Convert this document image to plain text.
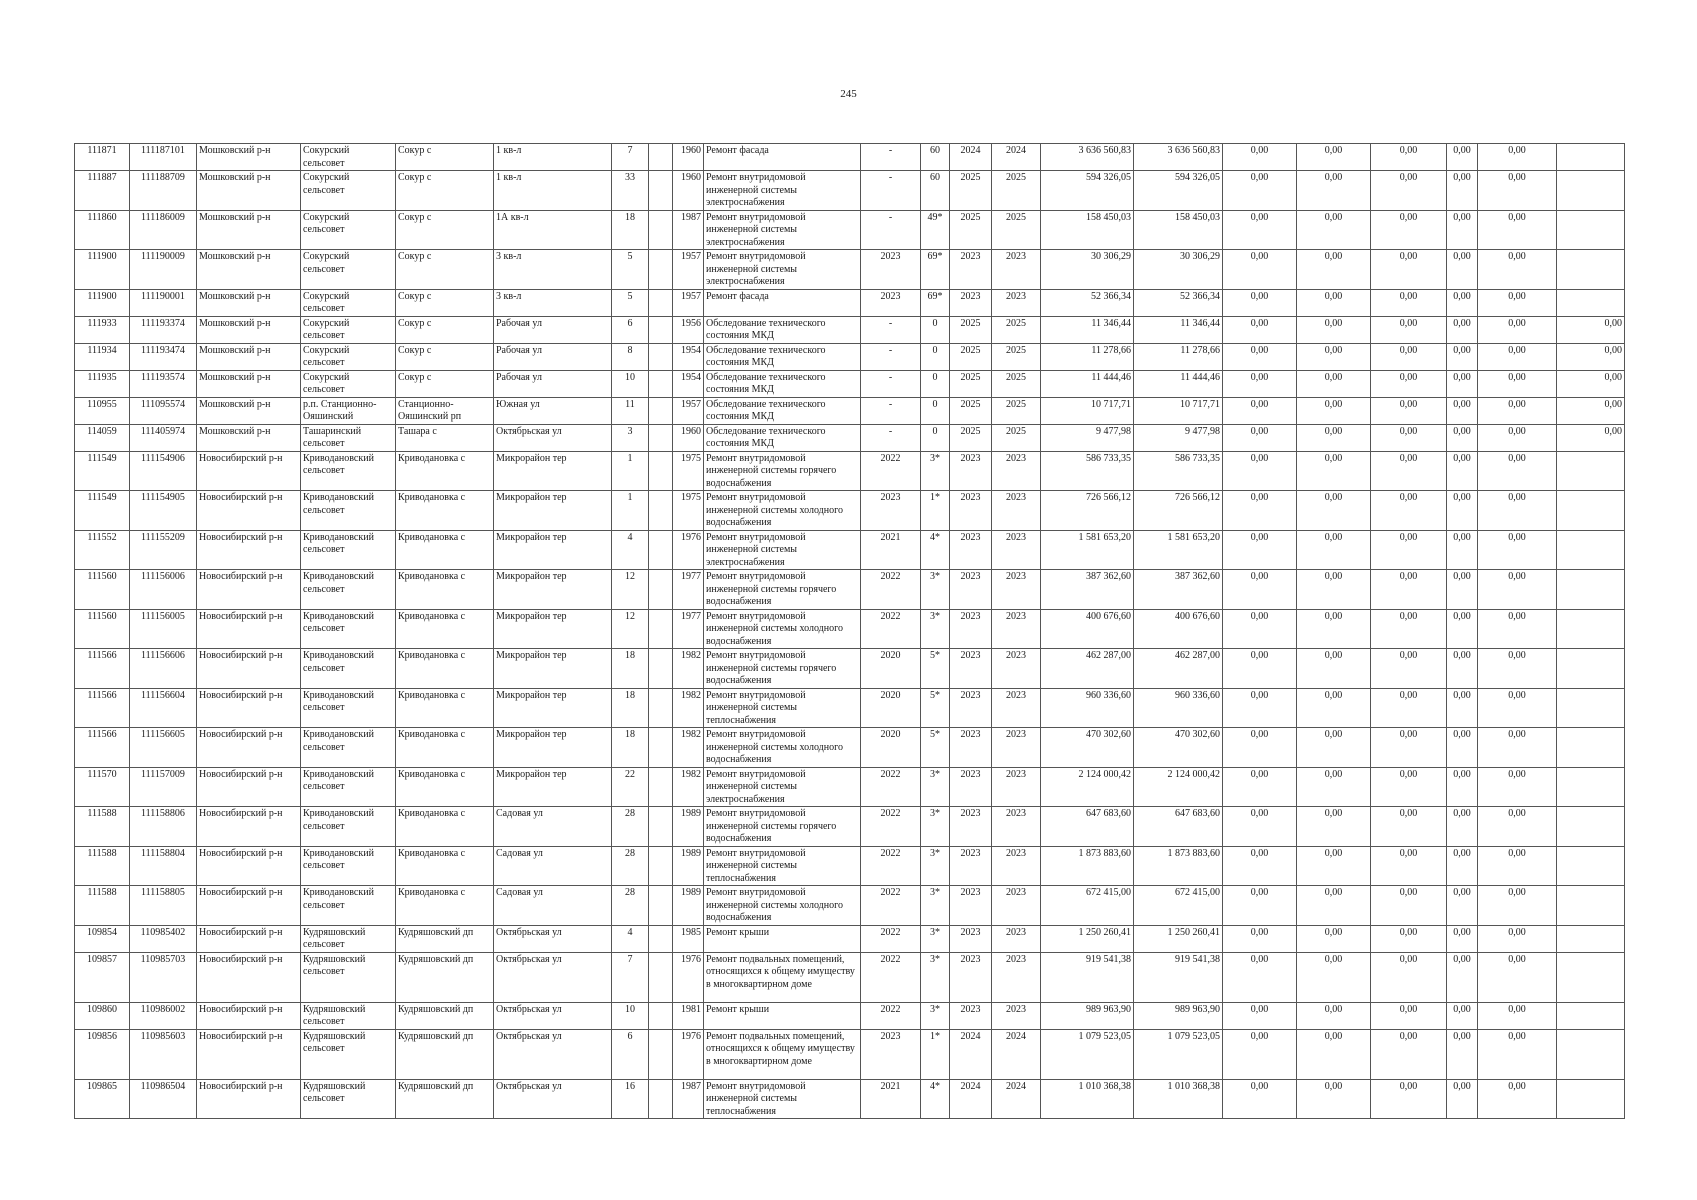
245
111871	111187101	Мошковский р-н	Сокурский сельсовет	Сокур с	1 кв-л	7		1960	Ремонт фасада	-	60	2024	2024	3 636 560,83	3 636 560,83	0,00	0,00	0,00	0,00	0,00	
111887	111188709	Мошковский р-н	Сокурский сельсовет	Сокур с	1 кв-л	33		1960	Ремонт внутридомовой инженерной системы электроснабжения	-	60	2025	2025	594 326,05	594 326,05	0,00	0,00	0,00	0,00	0,00	
111860	111186009	Мошковский р-н	Сокурский сельсовет	Сокур с	1А кв-л	18		1987	Ремонт внутридомовой инженерной системы электроснабжения	-	49*	2025	2025	158 450,03	158 450,03	0,00	0,00	0,00	0,00	0,00	
111900	111190009	Мошковский р-н	Сокурский сельсовет	Сокур с	3 кв-л	5		1957	Ремонт внутридомовой инженерной системы электроснабжения	2023	69*	2023	2023	30 306,29	30 306,29	0,00	0,00	0,00	0,00	0,00	
111900	111190001	Мошковский р-н	Сокурский сельсовет	Сокур с	3 кв-л	5		1957	Ремонт фасада	2023	69*	2023	2023	52 366,34	52 366,34	0,00	0,00	0,00	0,00	0,00	
111933	111193374	Мошковский р-н	Сокурский сельсовет	Сокур с	Рабочая ул	6		1956	Обследование технического состояния МКД	-	0	2025	2025	11 346,44	11 346,44	0,00	0,00	0,00	0,00	0,00	0,00
111934	111193474	Мошковский р-н	Сокурский сельсовет	Сокур с	Рабочая ул	8		1954	Обследование технического состояния МКД	-	0	2025	2025	11 278,66	11 278,66	0,00	0,00	0,00	0,00	0,00	0,00
111935	111193574	Мошковский р-н	Сокурский сельсовет	Сокур с	Рабочая ул	10		1954	Обследование технического состояния МКД	-	0	2025	2025	11 444,46	11 444,46	0,00	0,00	0,00	0,00	0,00	0,00
110955	111095574	Мошковский р-н	р.п. Станционно-Ояшинский	Станционно-Ояшинский рп	Южная ул	11		1957	Обследование технического состояния МКД	-	0	2025	2025	10 717,71	10 717,71	0,00	0,00	0,00	0,00	0,00	0,00
114059	111405974	Мошковский р-н	Ташаринский сельсовет	Ташара с	Октябрьская ул	3		1960	Обследование технического состояния МКД	-	0	2025	2025	9 477,98	9 477,98	0,00	0,00	0,00	0,00	0,00	0,00
111549	111154906	Новосибирский р-н	Криводановский сельсовет	Криводановка с	Микрорайон тер	1		1975	Ремонт внутридомовой инженерной системы горячего водоснабжения	2022	3*	2023	2023	586 733,35	586 733,35	0,00	0,00	0,00	0,00	0,00	
111549	111154905	Новосибирский р-н	Криводановский сельсовет	Криводановка с	Микрорайон тер	1		1975	Ремонт внутридомовой инженерной системы холодного водоснабжения	2023	1*	2023	2023	726 566,12	726 566,12	0,00	0,00	0,00	0,00	0,00	
111552	111155209	Новосибирский р-н	Криводановский сельсовет	Криводановка с	Микрорайон тер	4		1976	Ремонт внутридомовой инженерной системы электроснабжения	2021	4*	2023	2023	1 581 653,20	1 581 653,20	0,00	0,00	0,00	0,00	0,00	
111560	111156006	Новосибирский р-н	Криводановский сельсовет	Криводановка с	Микрорайон тер	12		1977	Ремонт внутридомовой инженерной системы горячего водоснабжения	2022	3*	2023	2023	387 362,60	387 362,60	0,00	0,00	0,00	0,00	0,00	
111560	111156005	Новосибирский р-н	Криводановский сельсовет	Криводановка с	Микрорайон тер	12		1977	Ремонт внутридомовой инженерной системы холодного водоснабжения	2022	3*	2023	2023	400 676,60	400 676,60	0,00	0,00	0,00	0,00	0,00	
111566	111156606	Новосибирский р-н	Криводановский сельсовет	Криводановка с	Микрорайон тер	18		1982	Ремонт внутридомовой инженерной системы горячего водоснабжения	2020	5*	2023	2023	462 287,00	462 287,00	0,00	0,00	0,00	0,00	0,00	
111566	111156604	Новосибирский р-н	Криводановский сельсовет	Криводановка с	Микрорайон тер	18		1982	Ремонт внутридомовой инженерной системы теплоснабжения	2020	5*	2023	2023	960 336,60	960 336,60	0,00	0,00	0,00	0,00	0,00	
111566	111156605	Новосибирский р-н	Криводановский сельсовет	Криводановка с	Микрорайон тер	18		1982	Ремонт внутридомовой инженерной системы холодного водоснабжения	2020	5*	2023	2023	470 302,60	470 302,60	0,00	0,00	0,00	0,00	0,00	
111570	111157009	Новосибирский р-н	Криводановский сельсовет	Криводановка с	Микрорайон тер	22		1982	Ремонт внутридомовой инженерной системы электроснабжения	2022	3*	2023	2023	2 124 000,42	2 124 000,42	0,00	0,00	0,00	0,00	0,00	
111588	111158806	Новосибирский р-н	Криводановский сельсовет	Криводановка с	Садовая ул	28		1989	Ремонт внутридомовой инженерной системы горячего водоснабжения	2022	3*	2023	2023	647 683,60	647 683,60	0,00	0,00	0,00	0,00	0,00	
111588	111158804	Новосибирский р-н	Криводановский сельсовет	Криводановка с	Садовая ул	28		1989	Ремонт внутридомовой инженерной системы теплоснабжения	2022	3*	2023	2023	1 873 883,60	1 873 883,60	0,00	0,00	0,00	0,00	0,00	
111588	111158805	Новосибирский р-н	Криводановский сельсовет	Криводановка с	Садовая ул	28		1989	Ремонт внутридомовой инженерной системы холодного водоснабжения	2022	3*	2023	2023	672 415,00	672 415,00	0,00	0,00	0,00	0,00	0,00	
109854	110985402	Новосибирский р-н	Кудряшовский сельсовет	Кудряшовский дп	Октябрьская ул	4		1985	Ремонт крыши	2022	3*	2023	2023	1 250 260,41	1 250 260,41	0,00	0,00	0,00	0,00	0,00	
109857	110985703	Новосибирский р-н	Кудряшовский сельсовет	Кудряшовский дп	Октябрьская ул	7		1976	Ремонт подвальных помещений, относящихся к общему имуществу в многоквартирном доме	2022	3*	2023	2023	919 541,38	919 541,38	0,00	0,00	0,00	0,00	0,00	
109860	110986002	Новосибирский р-н	Кудряшовский сельсовет	Кудряшовский дп	Октябрьская ул	10		1981	Ремонт крыши	2022	3*	2023	2023	989 963,90	989 963,90	0,00	0,00	0,00	0,00	0,00	
109856	110985603	Новосибирский р-н	Кудряшовский сельсовет	Кудряшовский дп	Октябрьская ул	6		1976	Ремонт подвальных помещений, относящихся к общему имуществу в многоквартирном доме	2023	1*	2024	2024	1 079 523,05	1 079 523,05	0,00	0,00	0,00	0,00	0,00	
109865	110986504	Новосибирский р-н	Кудряшовский сельсовет	Кудряшовский дп	Октябрьская ул	16		1987	Ремонт внутридомовой инженерной системы теплоснабжения	2021	4*	2024	2024	1 010 368,38	1 010 368,38	0,00	0,00	0,00	0,00	0,00	
